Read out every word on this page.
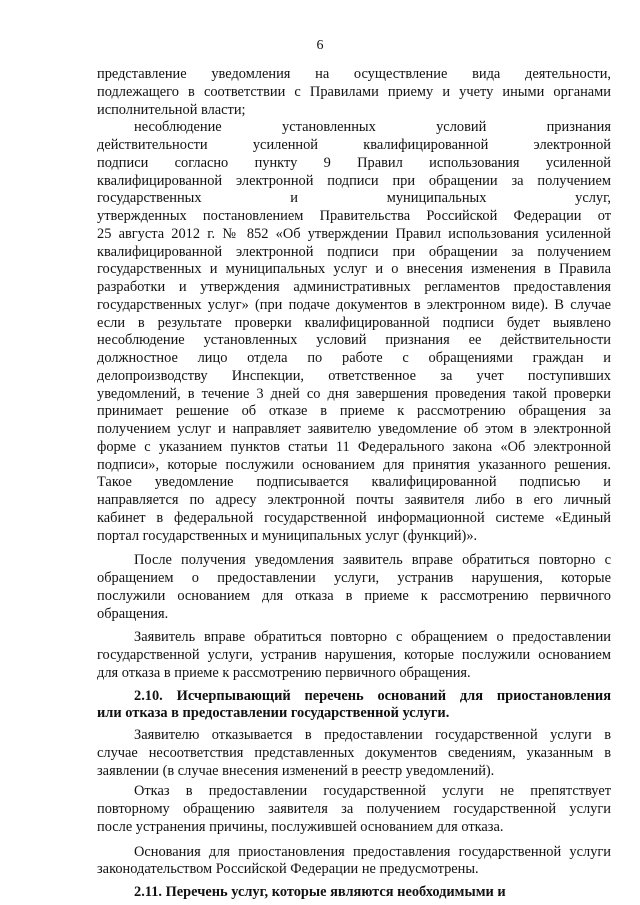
6
представление уведомления на осуществление вида деятельности,
подлежащего в соответствии с Правилами приему и учету иными органами
исполнительной власти;
несоблюдение установленных условий признания
действительности усиленной квалифицированной электронной
подписи согласно пункту 9 Правил использования усиленной
квалифицированной электронной подписи при обращении за получением
государственных и муниципальных услуг,
утвержденных постановлением Правительства Российской Федерации от
25 августа 2012 г. № 852 «Об утверждении Правил использования усиленной
квалифицированной электронной подписи при обращении за получением
государственных и муниципальных услуг и о внесения изменения в Правила
разработки и утверждения административных регламентов предоставления
государственных услуг» (при подаче документов в электронном виде). В случае
если в результате проверки квалифицированной подписи будет выявлено
несоблюдение установленных условий признания ее действительности
должностное лицо отдела по работе с обращениями граждан и
делопроизводству Инспекции, ответственное за учет поступивших
уведомлений, в течение 3 дней со дня завершения проведения такой проверки
принимает решение об отказе в приеме к рассмотрению обращения за
получением услуг и направляет заявителю уведомление об этом в электронной
форме с указанием пунктов статьи 11 Федерального закона «Об электронной
подписи», которые послужили основанием для принятия указанного решения.
Такое уведомление подписывается квалифицированной подписью и
направляется по адресу электронной почты заявителя либо в его личный
кабинет в федеральной государственной информационной системе «Единый
портал государственных и муниципальных услуг (функций)».
После получения уведомления заявитель вправе обратиться повторно с
обращением о предоставлении услуги, устранив нарушения, которые
послужили основанием для отказа в приеме к рассмотрению первичного
обращения.
Заявитель вправе обратиться повторно с обращением о предоставлении
государственной услуги, устранив нарушения, которые послужили основанием
для отказа в приеме к рассмотрению первичного обращения.
2.10. Исчерпывающий перечень оснований для приостановления
или отказа в предоставлении государственной услуги.
Заявителю отказывается в предоставлении государственной услуги в
случае несоответствия представленных документов сведениям, указанным в
заявлении (в случае внесения изменений в реестр уведомлений).
Отказ в предоставлении государственной услуги не препятствует
повторному обращению заявителя за получением государственной услуги
после устранения причины, послужившей основанием для отказа.
Основания для приостановления предоставления государственной услуги
законодательством Российской Федерации не предусмотрены.
2.11. Перечень услуг, которые являются необходимыми и
